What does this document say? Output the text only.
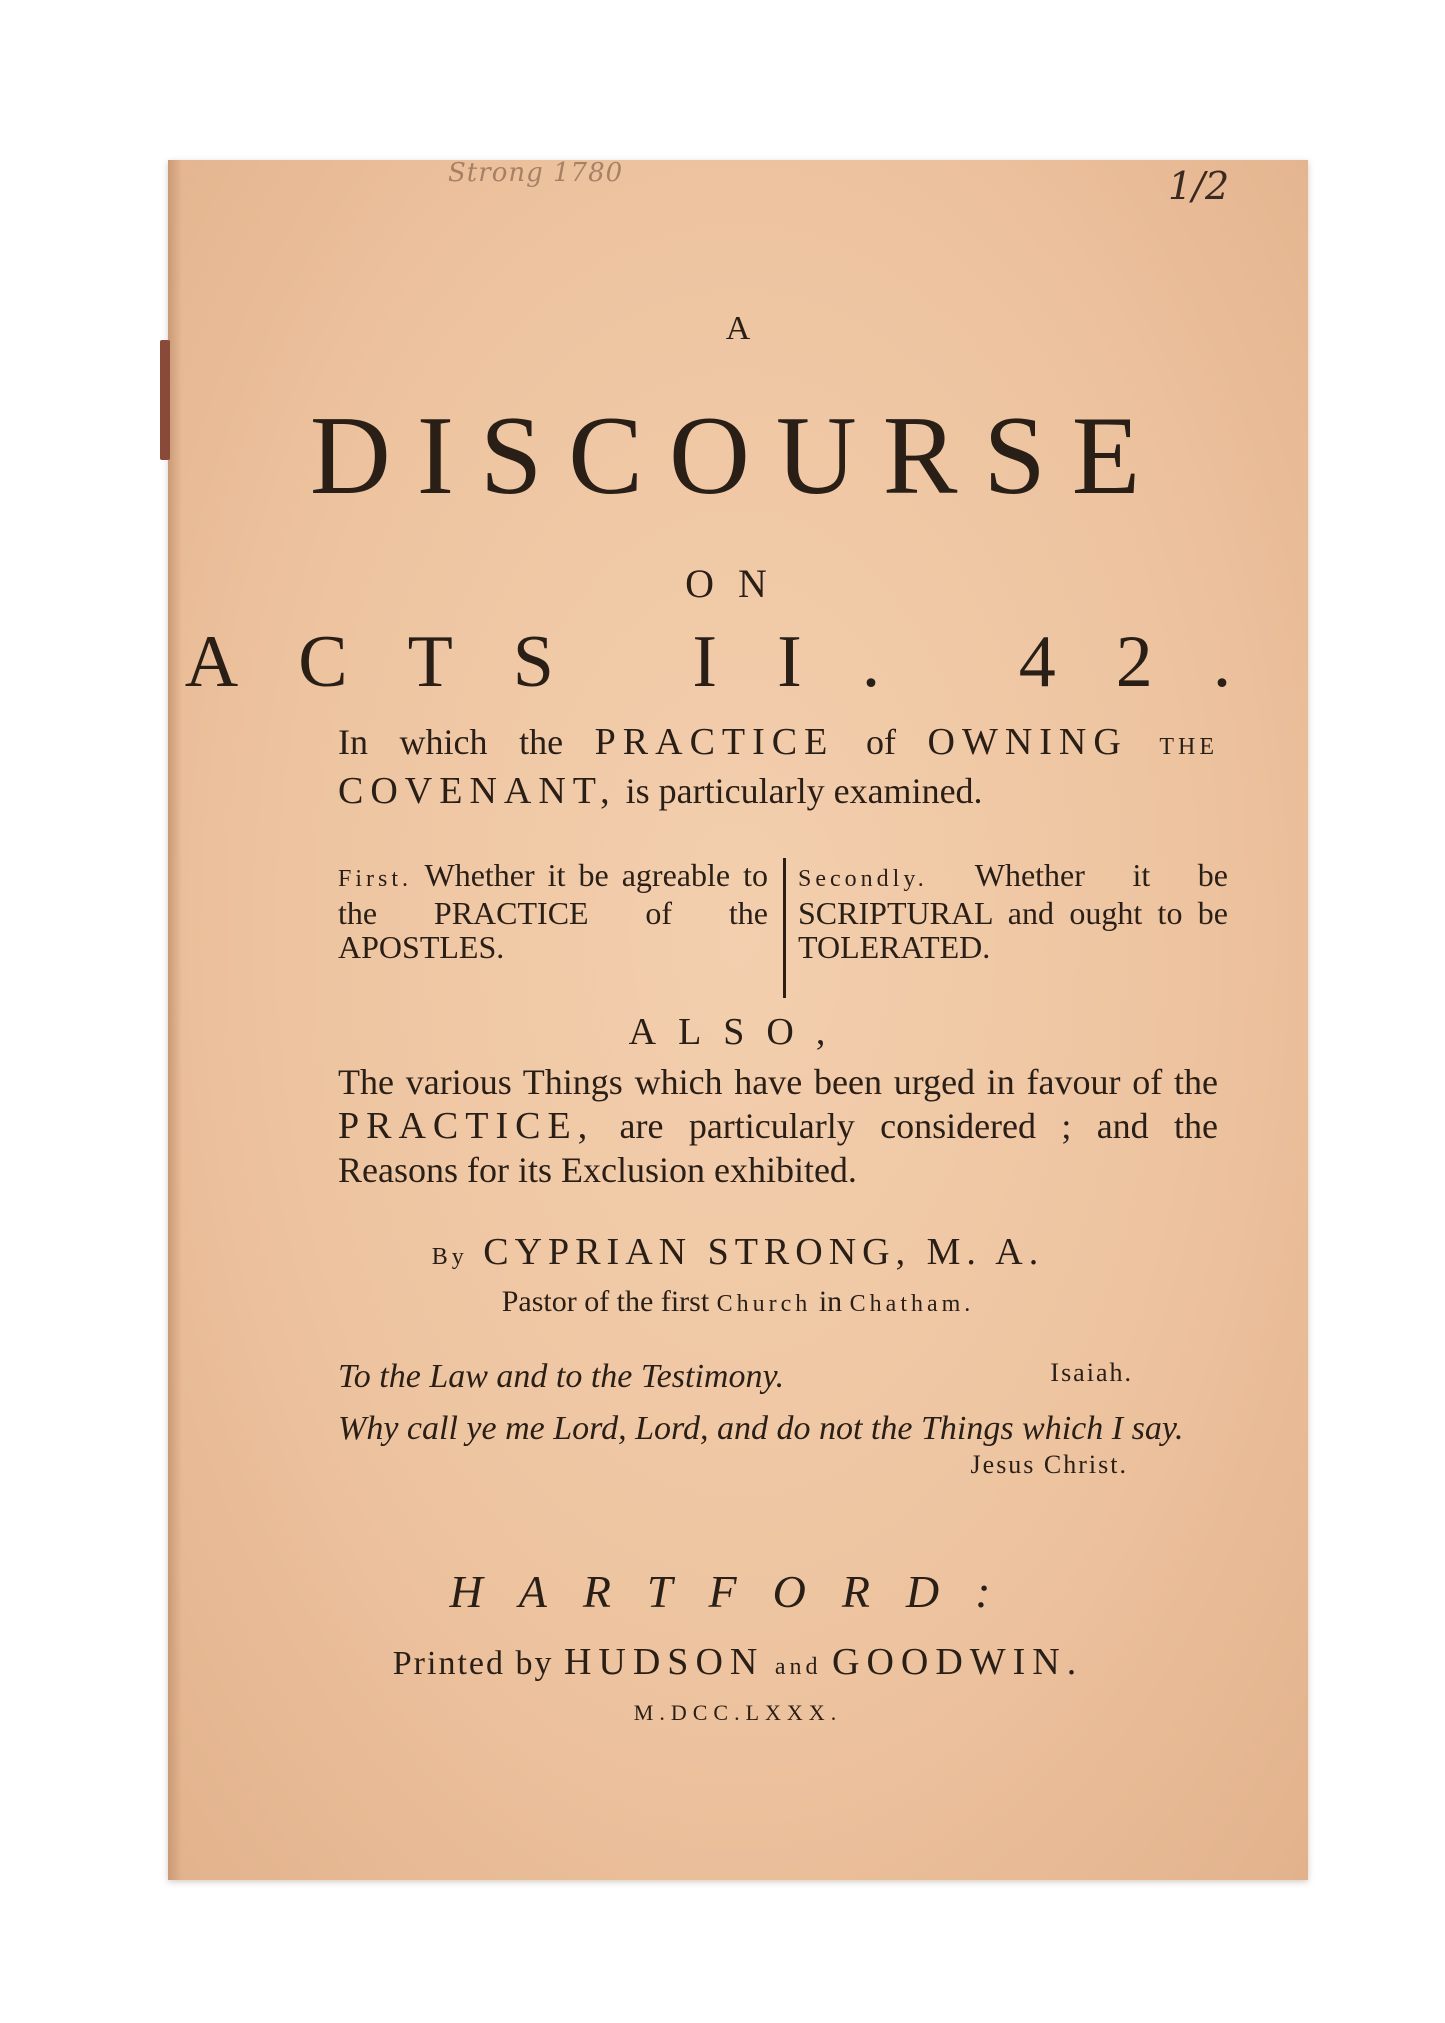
Strong 1780	1/2
A
DISCOURSE
ON
ACTS II. 42.
In which the PRACTICE of OWNING THE COVENANT, is particularly examined.
First. Whether it be agreable to the PRACTICE of the APOSTLES.
Secondly. Whether it be SCRIPTURAL and ought to be TOLERATED.
ALSO,
The various Things which have been urged in favour of the PRACTICE, are particularly considered ; and the Reasons for its Exclusion exhibited.
By CYPRIAN STRONG, M. A.
Pastor of the first Church in Chatham.
To the Law and to the Testimony.	Isaiah.
Why call ye me Lord, Lord, and do not the Things which I say.
Jesus Christ.
HARTFORD:
Printed by HUDSON and GOODWIN.
M.DCC.LXXX.
